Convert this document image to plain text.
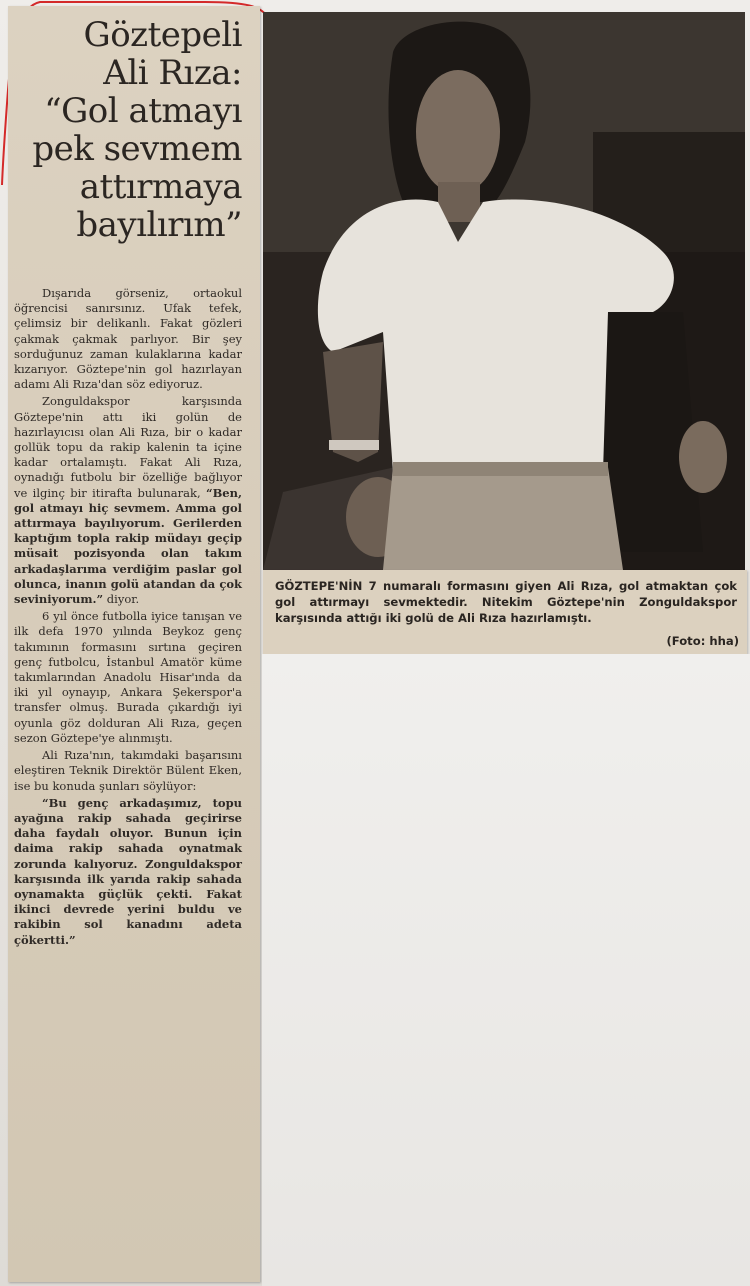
Göztepeli
Ali Rıza:
“Gol atmayı
pek sevmem
attırmaya
bayılırım”

Dışarıda görseniz, ortaokul öğrencisi sanırsınız. Ufak tefek, çelimsiz bir delikanlı. Fakat gözleri çakmak çakmak parlıyor. Bir şey sorduğunuz zaman kulaklarına kadar kızarıyor. Göztepe'nin gol hazırlayan adamı Ali Rıza'dan söz ediyoruz.

Zonguldakspor karşısında Göztepe'nin attı iki golün de hazırlayıcısı olan Ali Rıza, bir o kadar gollük topu da rakip kalenin ta içine kadar ortalamıştı. Fakat Ali Rıza, oynadığı futbolu bir özelliğe bağlıyor ve ilginç bir itirafta bulunarak, “Ben, gol atmayı hiç sevmem. Amma gol attırmaya bayılıyorum. Gerilerden kaptığım topla rakip müdayı geçip müsait pozisyonda olan takım arkadaşlarıma verdiğim paslar gol olunca, inanın golü atandan da çok seviniyorum.” diyor.

6 yıl önce futbolla iyice tanışan ve ilk defa 1970 yılında Beykoz genç takımının formasını sırtına geçiren genç futbolcu, İstanbul Amatör küme takımlarından Anadolu Hisar'ında da iki yıl oynayıp, Ankara Şekerspor'a transfer olmuş. Burada çıkardığı iyi oyunla göz dolduran Ali Rıza, geçen sezon Göztepe'ye alınmıştı.

Ali Rıza'nın, takımdaki başarısını eleştiren Teknik Direktör Bülent Eken, ise bu konuda şunları söylüyor:

“Bu genç arkadaşımız, topu ayağına rakip sahada geçirirse daha faydalı oluyor. Bunun için daima rakip sahada oynatmak zorunda kalıyoruz. Zonguldakspor karşısında ilk yarıda rakip sahada oynamakta güçlük çekti. Fakat ikinci devrede yerini buldu ve rakibin sol kanadını adeta çökertti.”

GÖZTEPE'NİN 7 numaralı formasını giyen Ali Rıza, gol atmaktan çok gol attırmayı sevmektedir. Nitekim Göztepe'nin Zonguldakspor karşısında attığı iki golü de Ali Rıza hazırlamıştı.
(Foto: hha)
